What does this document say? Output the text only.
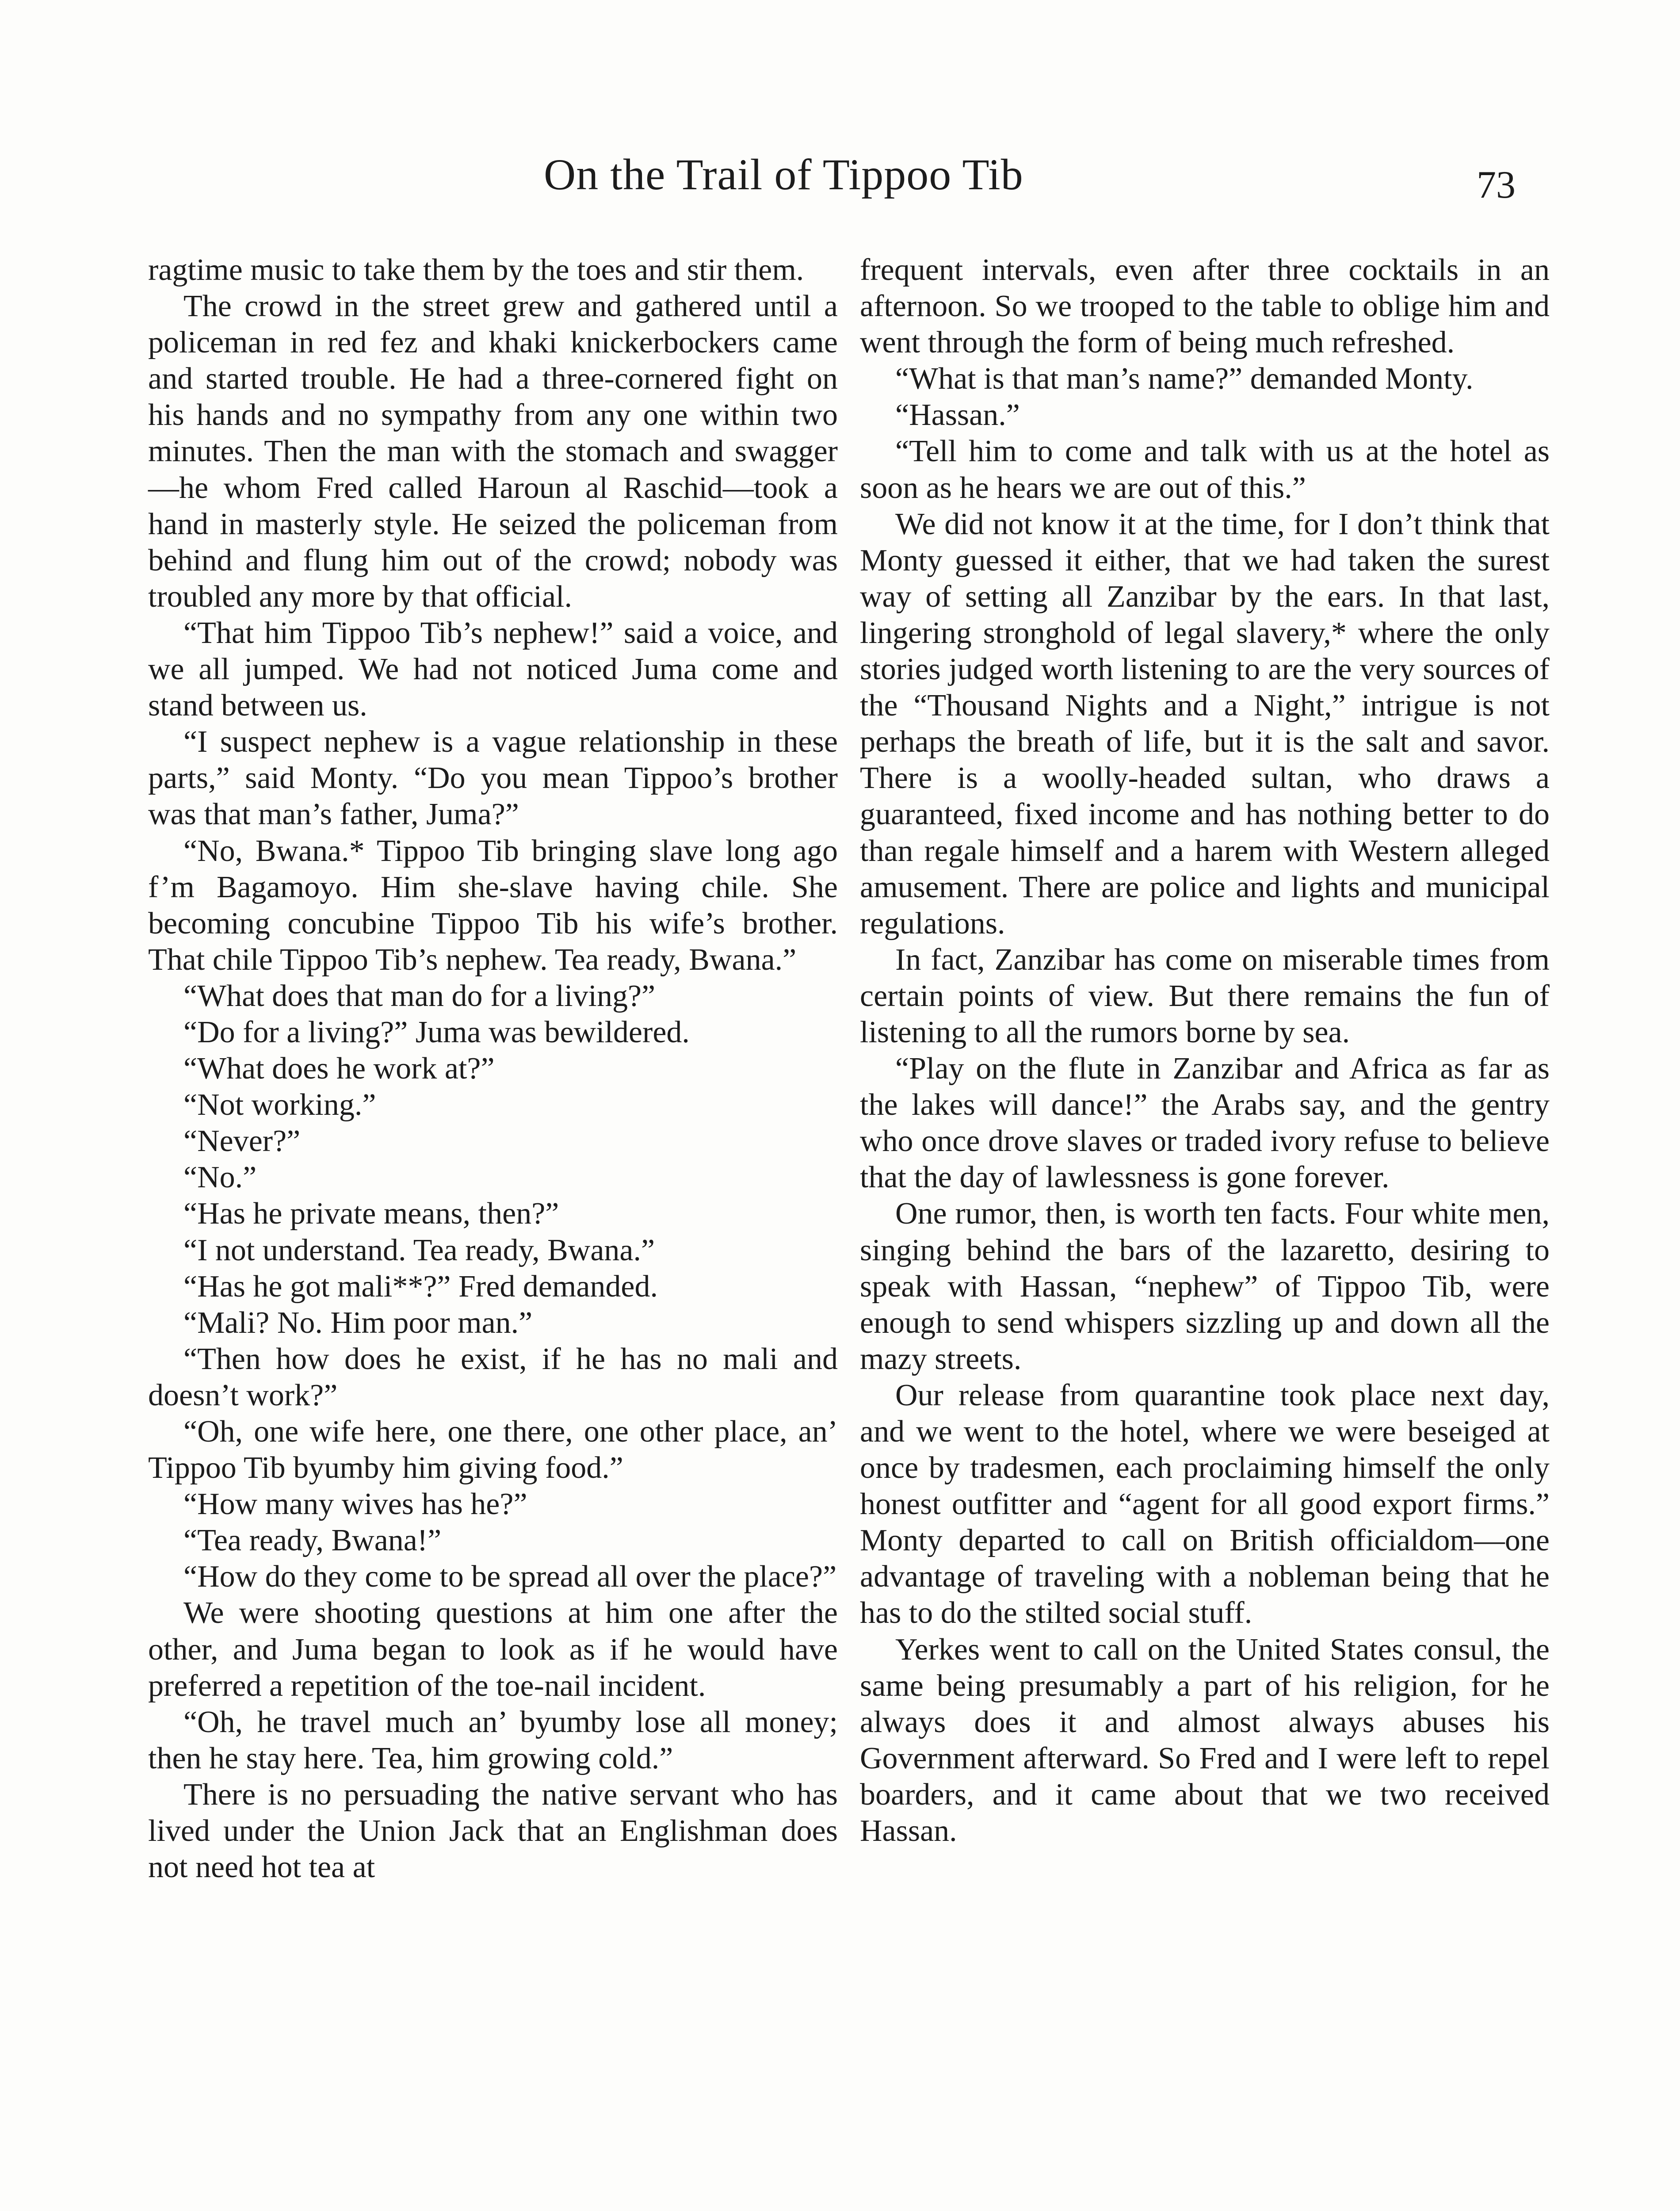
On the Trail of Tippoo Tib	73

ragtime music to take them by the toes and stir them.

The crowd in the street grew and gathered until a policeman in red fez and khaki knickerbockers came and started trouble. He had a three-cornered fight on his hands and no sympathy from any one within two minutes. Then the man with the stomach and swagger—he whom Fred called Haroun al Raschid—took a hand in masterly style. He seized the policeman from behind and flung him out of the crowd; nobody was troubled any more by that official.

“That him Tippoo Tib’s nephew!” said a voice, and we all jumped. We had not noticed Juma come and stand between us.

“I suspect nephew is a vague relationship in these parts,” said Monty. “Do you mean Tippoo’s brother was that man’s father, Juma?”

“No, Bwana.* Tippoo Tib bringing slave long ago f’m Bagamoyo. Him she-slave having chile. She becoming concubine Tippoo Tib his wife’s brother. That chile Tippoo Tib’s nephew. Tea ready, Bwana.”

“What does that man do for a living?”

“Do for a living?” Juma was bewildered.

“What does he work at?”

“Not working.”

“Never?”

“No.”

“Has he private means, then?”

“I not understand. Tea ready, Bwana.”

“Has he got mali**?” Fred demanded.

“Mali? No. Him poor man.”

“Then how does he exist, if he has no mali and doesn’t work?”

“Oh, one wife here, one there, one other place, an’ Tippoo Tib byumby him giving food.”

“How many wives has he?”

“Tea ready, Bwana!”

“How do they come to be spread all over the place?”

We were shooting questions at him one after the other, and Juma began to look as if he would have preferred a repetition of the toe-nail incident.

“Oh, he travel much an’ byumby lose all money; then he stay here. Tea, him growing cold.”

There is no persuading the native servant who has lived under the Union Jack that an Englishman does not need hot tea at

frequent intervals, even after three cocktails in an afternoon. So we trooped to the table to oblige him and went through the form of being much refreshed.

“What is that man’s name?” demanded Monty.

“Hassan.”

“Tell him to come and talk with us at the hotel as soon as he hears we are out of this.”

We did not know it at the time, for I don’t think that Monty guessed it either, that we had taken the surest way of setting all Zanzibar by the ears. In that last, lingering stronghold of legal slavery,* where the only stories judged worth listening to are the very sources of the “Thousand Nights and a Night,” intrigue is not perhaps the breath of life, but it is the salt and savor. There is a woolly-headed sultan, who draws a guaranteed, fixed income and has nothing better to do than regale himself and a harem with Western alleged amusement. There are police and lights and municipal regulations.

In fact, Zanzibar has come on miserable times from certain points of view. But there remains the fun of listening to all the rumors borne by sea.

“Play on the flute in Zanzibar and Africa as far as the lakes will dance!” the Arabs say, and the gentry who once drove slaves or traded ivory refuse to believe that the day of lawlessness is gone forever.

One rumor, then, is worth ten facts. Four white men, singing behind the bars of the lazaretto, desiring to speak with Hassan, “nephew” of Tippoo Tib, were enough to send whispers sizzling up and down all the mazy streets.

Our release from quarantine took place next day, and we went to the hotel, where we were beseiged at once by tradesmen, each proclaiming himself the only honest outfitter and “agent for all good export firms.” Monty departed to call on British officialdom—one advantage of traveling with a nobleman being that he has to do the stilted social stuff.

Yerkes went to call on the United States consul, the same being presumably a part of his religion, for he always does it and almost always abuses his Government afterward. So Fred and I were left to repel boarders, and it came about that we two received Hassan.
